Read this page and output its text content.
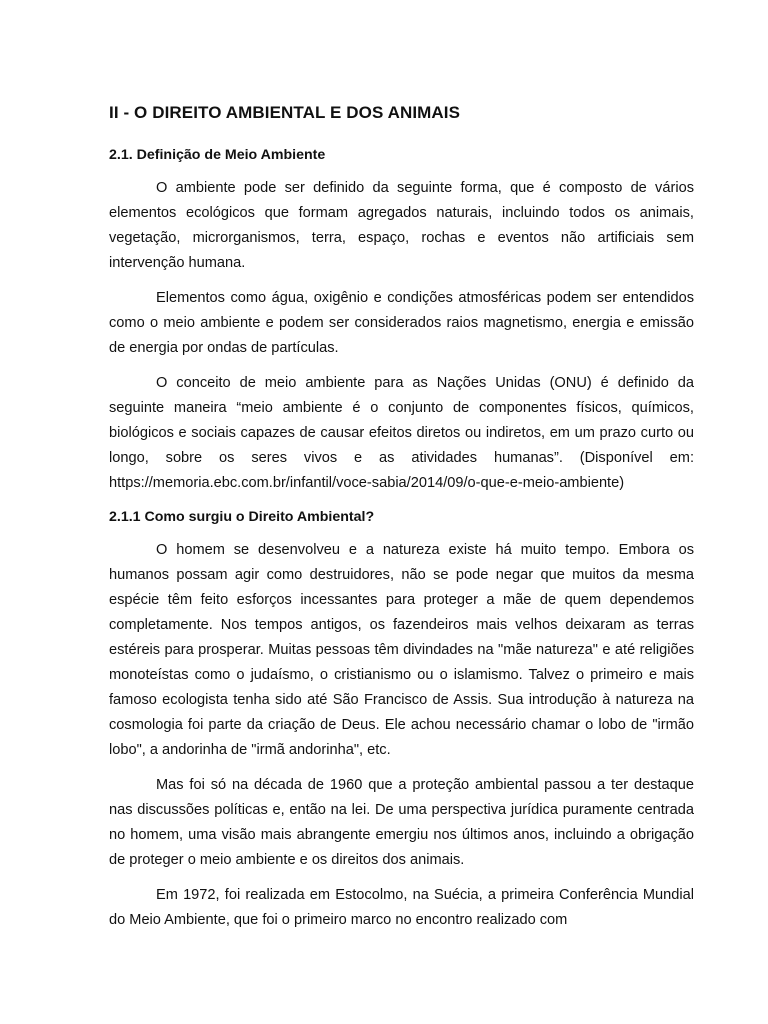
II - O DIREITO AMBIENTAL E DOS ANIMAIS
2.1. Definição de Meio Ambiente

O ambiente pode ser definido da seguinte forma, que é composto de vários elementos ecológicos que formam agregados naturais, incluindo todos os animais, vegetação, microrganismos, terra, espaço, rochas e eventos não artificiais sem intervenção humana.

Elementos como água, oxigênio e condições atmosféricas podem ser entendidos como o meio ambiente e podem ser considerados raios magnetismo, energia e emissão de energia por ondas de partículas.

O conceito de meio ambiente para as Nações Unidas (ONU) é definido da seguinte maneira “meio ambiente é o conjunto de componentes físicos, químicos, biológicos e sociais capazes de causar efeitos diretos ou indiretos, em um prazo curto ou longo, sobre os seres vivos e as atividades humanas”. (Disponível em: https://memoria.ebc.com.br/infantil/voce-sabia/2014/09/o-que-e-meio-ambiente)

2.1.1 Como surgiu o Direito Ambiental?

O homem se desenvolveu e a natureza existe há muito tempo. Embora os humanos possam agir como destruidores, não se pode negar que muitos da mesma espécie têm feito esforços incessantes para proteger a mãe de quem dependemos completamente. Nos tempos antigos, os fazendeiros mais velhos deixaram as terras estéreis para prosperar. Muitas pessoas têm divindades na "mãe natureza" e até religiões monoteístas como o judaísmo, o cristianismo ou o islamismo. Talvez o primeiro e mais famoso ecologista tenha sido até São Francisco de Assis. Sua introdução à natureza na cosmologia foi parte da criação de Deus. Ele achou necessário chamar o lobo de "irmão lobo", a andorinha de "irmã andorinha", etc.

Mas foi só na década de 1960 que a proteção ambiental passou a ter destaque nas discussões políticas e, então na lei. De uma perspectiva jurídica puramente centrada no homem, uma visão mais abrangente emergiu nos últimos anos, incluindo a obrigação de proteger o meio ambiente e os direitos dos animais.

Em 1972, foi realizada em Estocolmo, na Suécia, a primeira Conferência Mundial do Meio Ambiente, que foi o primeiro marco no encontro realizado com
